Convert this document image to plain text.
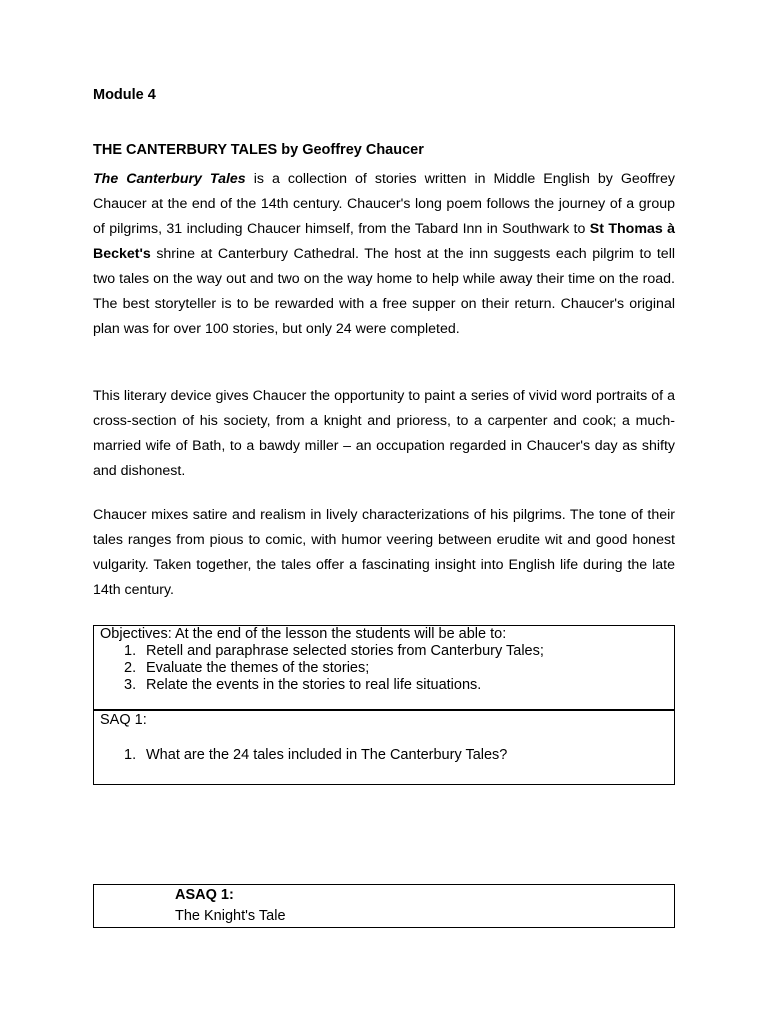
Module 4

THE CANTERBURY TALES by Geoffrey Chaucer

The Canterbury Tales is a collection of stories written in Middle English by Geoffrey Chaucer at the end of the 14th century. Chaucer's long poem follows the journey of a group of pilgrims, 31 including Chaucer himself, from the Tabard Inn in Southwark to St Thomas à Becket's shrine at Canterbury Cathedral. The host at the inn suggests each pilgrim to tell two tales on the way out and two on the way home to help while away their time on the road. The best storyteller is to be rewarded with a free supper on their return. Chaucer's original plan was for over 100 stories, but only 24 were completed.

This literary device gives Chaucer the opportunity to paint a series of vivid word portraits of a cross-section of his society, from a knight and prioress, to a carpenter and cook; a much-married wife of Bath, to a bawdy miller – an occupation regarded in Chaucer's day as shifty and dishonest.

Chaucer mixes satire and realism in lively characterizations of his pilgrims. The tone of their tales ranges from pious to comic, with humor veering between erudite wit and good honest vulgarity. Taken together, the tales offer a fascinating insight into English life during the late 14th century.

Objectives: At the end of the lesson the students will be able to:
1. Retell and paraphrase selected stories from Canterbury Tales;
2. Evaluate the themes of the stories;
3. Relate the events in the stories to real life situations.
SAQ 1:
1. What are the 24 tales included in The Canterbury Tales?
ASAQ 1:
The Knight's Tale
